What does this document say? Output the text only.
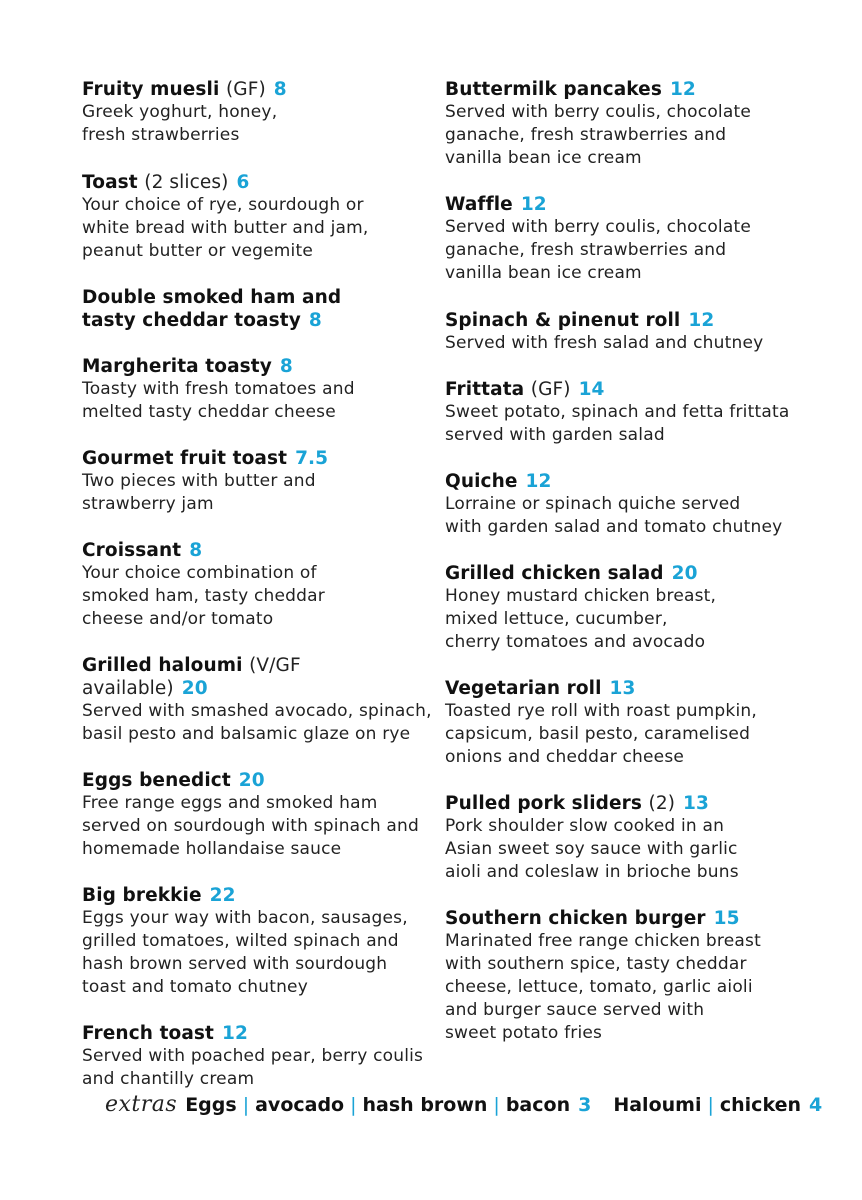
Fruity muesli (GF) 8
Greek yoghurt, honey,
fresh strawberries
Toast (2 slices) 6
Your choice of rye, sourdough or
white bread with butter and jam,
peanut butter or vegemite
Double smoked ham and
tasty cheddar toasty 8
Margherita toasty 8
Toasty with fresh tomatoes and
melted tasty cheddar cheese
Gourmet fruit toast 7.5
Two pieces with butter and
strawberry jam
Croissant 8
Your choice combination of
smoked ham, tasty cheddar
cheese and/or tomato
Grilled haloumi (V/GF available) 20
Served with smashed avocado, spinach,
basil pesto and balsamic glaze on rye
Eggs benedict 20
Free range eggs and smoked ham
served on sourdough with spinach and
homemade hollandaise sauce
Big brekkie 22
Eggs your way with bacon, sausages,
grilled tomatoes, wilted spinach and
hash brown served with sourdough
toast and tomato chutney
French toast 12
Served with poached pear, berry coulis
and chantilly cream
Buttermilk pancakes 12
Served with berry coulis, chocolate
ganache, fresh strawberries and
vanilla bean ice cream
Waffle 12
Served with berry coulis, chocolate
ganache, fresh strawberries and
vanilla bean ice cream
Spinach & pinenut roll 12
Served with fresh salad and chutney
Frittata (GF) 14
Sweet potato, spinach and fetta frittata
served with garden salad
Quiche 12
Lorraine or spinach quiche served
with garden salad and tomato chutney
Grilled chicken salad 20
Honey mustard chicken breast,
mixed lettuce, cucumber,
cherry tomatoes and avocado
Vegetarian roll 13
Toasted rye roll with roast pumpkin,
capsicum, basil pesto, caramelised
onions and cheddar cheese
Pulled pork sliders (2) 13
Pork shoulder slow cooked in an
Asian sweet soy sauce with garlic
aioli and coleslaw in brioche buns
Southern chicken burger 15
Marinated free range chicken breast
with southern spice, tasty cheddar
cheese, lettuce, tomato, garlic aioli
and burger sauce served with
sweet potato fries
extras Eggs | avocado | hash brown | bacon 3 Haloumi | chicken 4
